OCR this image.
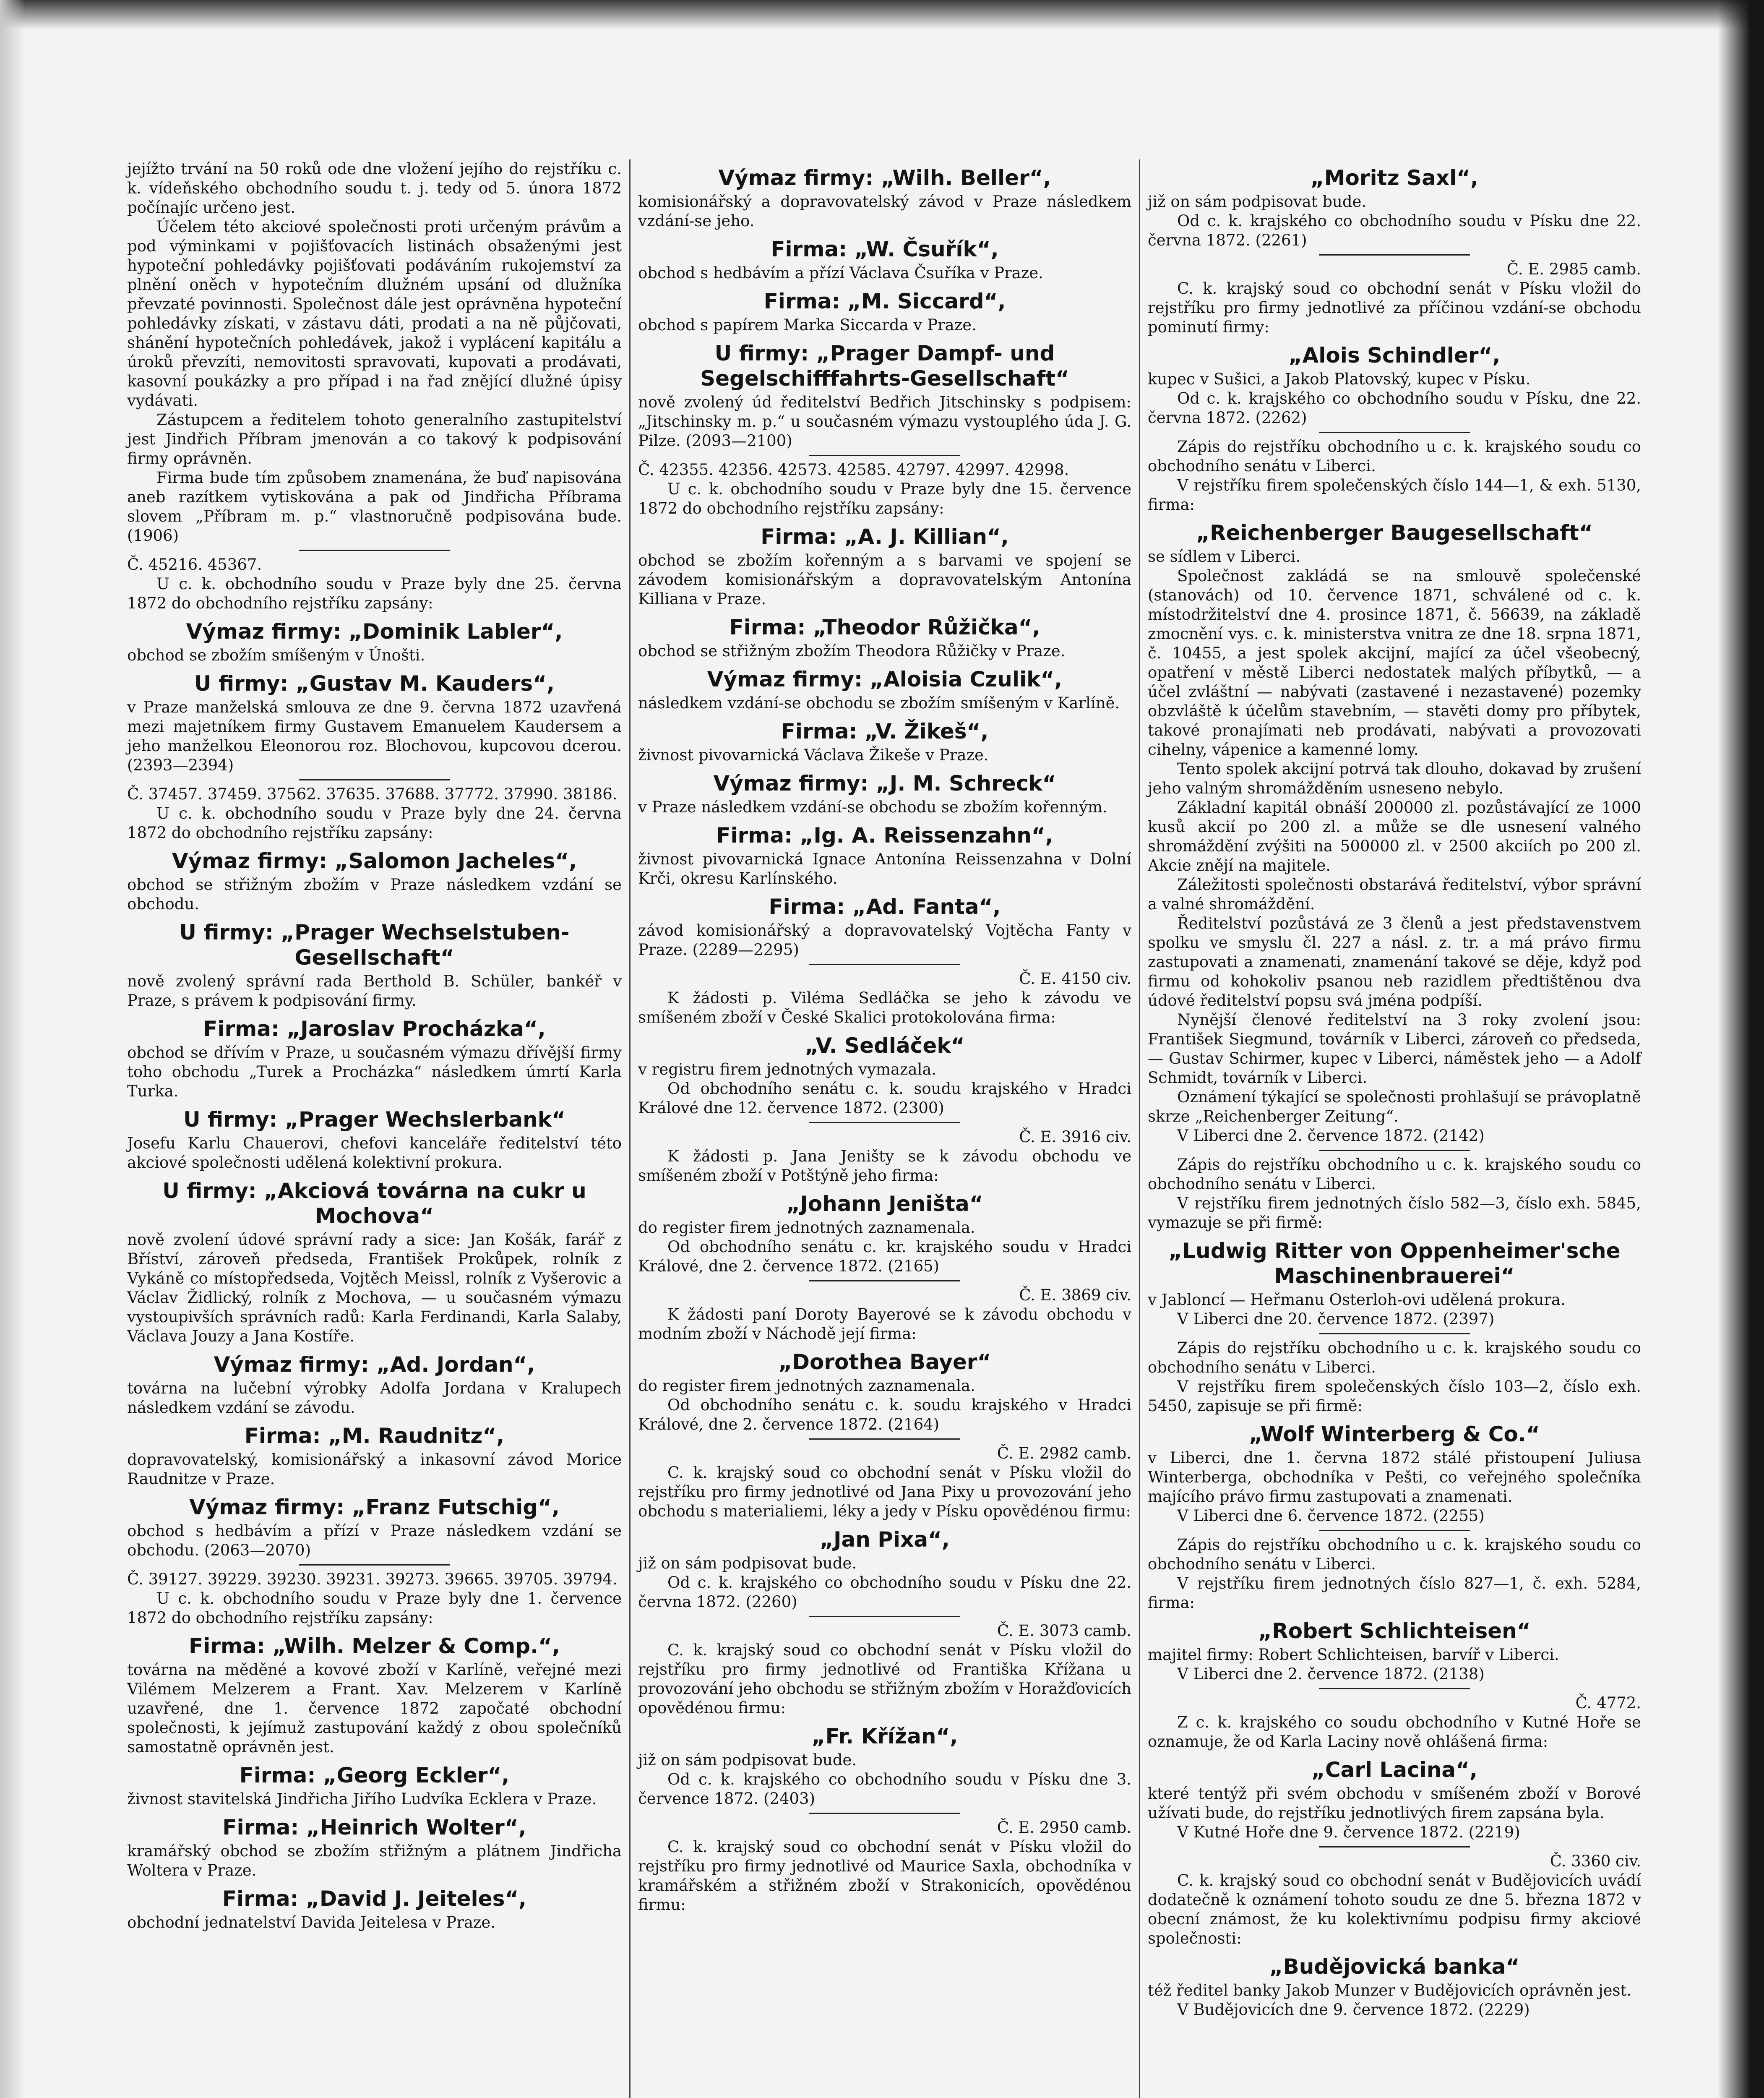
jejížto trvání na 50 roků ode dne vložení jejího do rejstříku c. k. vídeňského obchodního soudu t. j. tedy od 5. února 1872 počínajíc určeno jest.

Účelem této akciové společnosti proti určeným právům a pod výminkami v pojišťovacích listinách obsaženými jest hypoteční pohledávky pojišťovati podáváním rukojemství za plnění oněch v hypotečním dlužném upsání od dlužníka převzaté povinnosti. Společnost dále jest oprávněna hypoteční pohledávky získati, v zástavu dáti, prodati a na ně půjčovati, shánění hypotečních pohledávek, jakož i vyplácení kapitálu a úroků převzíti, nemovitosti spravovati, kupovati a prodávati, kasovní poukázky a pro případ i na řad znějící dlužné úpisy vydávati.

Zástupcem a ředitelem tohoto generalního zastupitelství jest Jindřich Příbram jmenován a co takový k podpisování firmy oprávněn.

Firma bude tím způsobem znamenána, že buď napisována aneb razítkem vytiskována a pak od Jindřicha Příbrama slovem „Příbram m. p.“ vlastnoručně podpisována bude. (1906)

Č. 45216. 45367.

U c. k. obchodního soudu v Praze byly dne 25. června 1872 do obchodního rejstříku zapsány:

Výmaz firmy: „Dominik Labler“,

obchod se zbožím smíšeným v Únošti.

U firmy: „Gustav M. Kauders“,

v Praze manželská smlouva ze dne 9. června 1872 uzavřená mezi majetníkem firmy Gustavem Emanuelem Kaudersem a jeho manželkou Eleonorou roz. Blochovou, kupcovou dcerou. (2393—2394)

Č. 37457. 37459. 37562. 37635. 37688. 37772. 37990. 38186.

U c. k. obchodního soudu v Praze byly dne 24. června 1872 do obchodního rejstříku zapsány:

Výmaz firmy: „Salomon Jacheles“,

obchod se střižným zbožím v Praze následkem vzdání se obchodu.

U firmy: „Prager Wechselstuben-Gesellschaft“

nově zvolený správní rada Berthold B. Schüler, bankéř v Praze, s právem k podpisování firmy.

Firma: „Jaroslav Procházka“,

obchod se dřívím v Praze, u současném výmazu dřívější firmy toho obchodu „Turek a Procházka“ následkem úmrtí Karla Turka.

U firmy: „Prager Wechslerbank“

Josefu Karlu Chauerovi, chefovi kanceláře ředitelství této akciové společnosti udělená kolektivní prokura.

U firmy: „Akciová továrna na cukr u Mochova“

nově zvolení údové správní rady a sice: Jan Košák, farář z Bříství, zároveň předseda, František Prokůpek, rolník z Vykáně co místopředseda, Vojtěch Meissl, rolník z Vyšerovic a Václav Židlický, rolník z Mochova, — u současném výmazu vystoupivších správních radů: Karla Ferdinandi, Karla Salaby, Václava Jouzy a Jana Kostíře.

Výmaz firmy: „Ad. Jordan“,

továrna na lučební výrobky Adolfa Jordana v Kralupech následkem vzdání se závodu.

Firma: „M. Raudnitz“,

dopravovatelský, komisionářský a inkasovní závod Morice Raudnitze v Praze.

Výmaz firmy: „Franz Futschig“,

obchod s hedbávím a přízí v Praze následkem vzdání se obchodu. (2063—2070)

Č. 39127. 39229. 39230. 39231. 39273. 39665. 39705. 39794.

U c. k. obchodního soudu v Praze byly dne 1. července 1872 do obchodního rejstříku zapsány:

Firma: „Wilh. Melzer & Comp.“,

továrna na měděné a kovové zboží v Karlíně, veřejné mezi Vilémem Melzerem a Frant. Xav. Melzerem v Karlíně uzavřené, dne 1. července 1872 započaté obchodní společnosti, k jejímuž zastupování každý z obou společníků samostatně oprávněn jest.

Firma: „Georg Eckler“,

živnost stavitelská Jindřicha Jiřího Ludvíka Ecklera v Praze.

Firma: „Heinrich Wolter“,

kramářský obchod se zbožím střižným a plátnem Jindřicha Woltera v Praze.

Firma: „David J. Jeiteles“,

obchodní jednatelství Davida Jeitelesa v Praze.

Výmaz firmy: „Wilh. Beller“,

komisionářský a dopravovatelský závod v Praze následkem vzdání-se jeho.

Firma: „W. Čsuřík“,

obchod s hedbávím a přízí Václava Čsuříka v Praze.

Firma: „M. Siccard“,

obchod s papírem Marka Siccarda v Praze.

U firmy: „Prager Dampf- und Segelschifffahrts-Gesellschaft“

nově zvolený úd ředitelství Bedřich Jitschinsky s podpisem: „Jitschinsky m. p.“ u současném výmazu vystouplého úda J. G. Pilze. (2093—2100)

Č. 42355. 42356. 42573. 42585. 42797. 42997. 42998.

U c. k. obchodního soudu v Praze byly dne 15. července 1872 do obchodního rejstříku zapsány:

Firma: „A. J. Killian“,

obchod se zbožím kořenným a s barvami ve spojení se závodem komisionářským a dopravovatelským Antonína Killiana v Praze.

Firma: „Theodor Růžička“,

obchod se střižným zbožím Theodora Růžičky v Praze.

Výmaz firmy: „Aloisia Czulik“,

následkem vzdání-se obchodu se zbožím smíšeným v Karlíně.

Firma: „V. Žikeš“,

živnost pivovarnická Václava Žikeše v Praze.

Výmaz firmy: „J. M. Schreck“

v Praze následkem vzdání-se obchodu se zbožím kořenným.

Firma: „Ig. A. Reissenzahn“,

živnost pivovarnická Ignace Antonína Reissenzahna v Dolní Krči, okresu Karlínského.

Firma: „Ad. Fanta“,

závod komisionářský a dopravovatelský Vojtěcha Fanty v Praze. (2289—2295)

Č. E. 4150 civ.

K žádosti p. Viléma Sedláčka se jeho k závodu ve smíšeném zboží v České Skalici protokolována firma:

„V. Sedláček“

v registru firem jednotných vymazala.

Od obchodního senátu c. k. soudu krajského v Hradci Králové dne 12. července 1872. (2300)

Č. E. 3916 civ.

K žádosti p. Jana Jeništy se k závodu obchodu ve smíšeném zboží v Potštýně jeho firma:

„Johann Jeništa“

do register firem jednotných zaznamenala.

Od obchodního senátu c. kr. krajského soudu v Hradci Králové, dne 2. července 1872. (2165)

Č. E. 3869 civ.

K žádosti paní Doroty Bayerové se k závodu obchodu v modním zboží v Náchodě její firma:

„Dorothea Bayer“

do register firem jednotných zaznamenala.

Od obchodního senátu c. k. soudu krajského v Hradci Králové, dne 2. července 1872. (2164)

Č. E. 2982 camb.

C. k. krajský soud co obchodní senát v Písku vložil do rejstříku pro firmy jednotlivé od Jana Pixy u provozování jeho obchodu s materialiemi, léky a jedy v Písku opovědénou firmu:

„Jan Pixa“,

již on sám podpisovat bude.

Od c. k. krajského co obchodního soudu v Písku dne 22. června 1872. (2260)

Č. E. 3073 camb.

C. k. krajský soud co obchodní senát v Písku vložil do rejstříku pro firmy jednotlivé od Františka Křížana u provozování jeho obchodu se střižným zbožím v Horažďovicích opovědénou firmu:

„Fr. Křížan“,

již on sám podpisovat bude.

Od c. k. krajského co obchodního soudu v Písku dne 3. července 1872. (2403)

Č. E. 2950 camb.

C. k. krajský soud co obchodní senát v Písku vložil do rejstříku pro firmy jednotlivé od Maurice Saxla, obchodníka v kramářském a střižném zboží v Strakonicích, opovědénou firmu:

„Moritz Saxl“,

již on sám podpisovat bude.

Od c. k. krajského co obchodního soudu v Písku dne 22. června 1872. (2261)

Č. E. 2985 camb.

C. k. krajský soud co obchodní senát v Písku vložil do rejstříku pro firmy jednotlivé za příčinou vzdání-se obchodu pominutí firmy:

„Alois Schindler“,

kupec v Sušici, a Jakob Platovský, kupec v Písku.

Od c. k. krajského co obchodního soudu v Písku, dne 22. června 1872. (2262)

Zápis do rejstříku obchodního u c. k. krajského soudu co obchodního senátu v Liberci.

V rejstříku firem společenských číslo 144—1, & exh. 5130, firma:

„Reichenberger Baugesellschaft“

se sídlem v Liberci.

Společnost zakládá se na smlouvě společenské (stanovách) od 10. července 1871, schválené od c. k. místodržitelství dne 4. prosince 1871, č. 56639, na základě zmocnění vys. c. k. ministerstva vnitra ze dne 18. srpna 1871, č. 10455, a jest spolek akcijní, mající za účel všeobecný, opatření v městě Liberci nedostatek malých příbytků, — a účel zvláštní — nabývati (zastavené i nezastavené) pozemky obzvláště k účelům stavebním, — stavěti domy pro příbytek, takové pronajímati neb prodávati, nabývati a provozovati cihelny, vápenice a kamenné lomy.

Tento spolek akcijní potrvá tak dlouho, dokavad by zrušení jeho valným shromážděním usneseno nebylo.

Základní kapitál obnáší 200000 zl. pozůstávající ze 1000 kusů akcií po 200 zl. a může se dle usnesení valného shromáždění zvýšiti na 500000 zl. v 2500 akciích po 200 zl. Akcie znějí na majitele.

Záležitosti společnosti obstarává ředitelství, výbor správní a valné shromáždění.

Ředitelství pozůstává ze 3 členů a jest představenstvem spolku ve smyslu čl. 227 a násl. z. tr. a má právo firmu zastupovati a znamenati, znamenání takové se děje, když pod firmu od kohokoliv psanou neb razidlem předtištěnou dva údové ředitelství popsu svá jména podpíší.

Nynější členové ředitelství na 3 roky zvolení jsou: František Siegmund, továrník v Liberci, zároveň co předseda, — Gustav Schirmer, kupec v Liberci, náměstek jeho — a Adolf Schmidt, továrník v Liberci.

Oznámení týkající se společnosti prohlašují se právoplatně skrze „Reichenberger Zeitung“.

V Liberci dne 2. července 1872. (2142)

Zápis do rejstříku obchodního u c. k. krajského soudu co obchodního senátu v Liberci.

V rejstříku firem jednotných číslo 582—3, číslo exh. 5845, vymazuje se při firmě:

„Ludwig Ritter von Oppenheimer'sche Maschinenbrauerei“

v Jabloncí — Heřmanu Osterloh-ovi udělená prokura.

V Liberci dne 20. července 1872. (2397)

Zápis do rejstříku obchodního u c. k. krajského soudu co obchodního senátu v Liberci.

V rejstříku firem společenských číslo 103—2, číslo exh. 5450, zapisuje se při firmě:

„Wolf Winterberg & Co.“

v Liberci, dne 1. června 1872 stálé přistoupení Juliusa Winterberga, obchodníka v Pešti, co veřejného společníka majícího právo firmu zastupovati a znamenati.

V Liberci dne 6. července 1872. (2255)

Zápis do rejstříku obchodního u c. k. krajského soudu co obchodního senátu v Liberci.

V rejstříku firem jednotných číslo 827—1, č. exh. 5284, firma:

„Robert Schlichteisen“

majitel firmy: Robert Schlichteisen, barvíř v Liberci.

V Liberci dne 2. července 1872. (2138)

Č. 4772.

Z c. k. krajského co soudu obchodního v Kutné Hoře se oznamuje, že od Karla Laciny nově ohlášená firma:

„Carl Lacina“,

které tentýž při svém obchodu v smíšeném zboží v Borové užívati bude, do rejstříku jednotlivých firem zapsána byla.

V Kutné Hoře dne 9. července 1872. (2219)

Č. 3360 civ.

C. k. krajský soud co obchodní senát v Budějovicích uvádí dodatečně k oznámení tohoto soudu ze dne 5. března 1872 v obecní známost, že ku kolektivnímu podpisu firmy akciové společnosti:

„Budějovická banka“

též ředitel banky Jakob Munzer v Budějovicích oprávněn jest.

V Budějovicích dne 9. července 1872. (2229)
